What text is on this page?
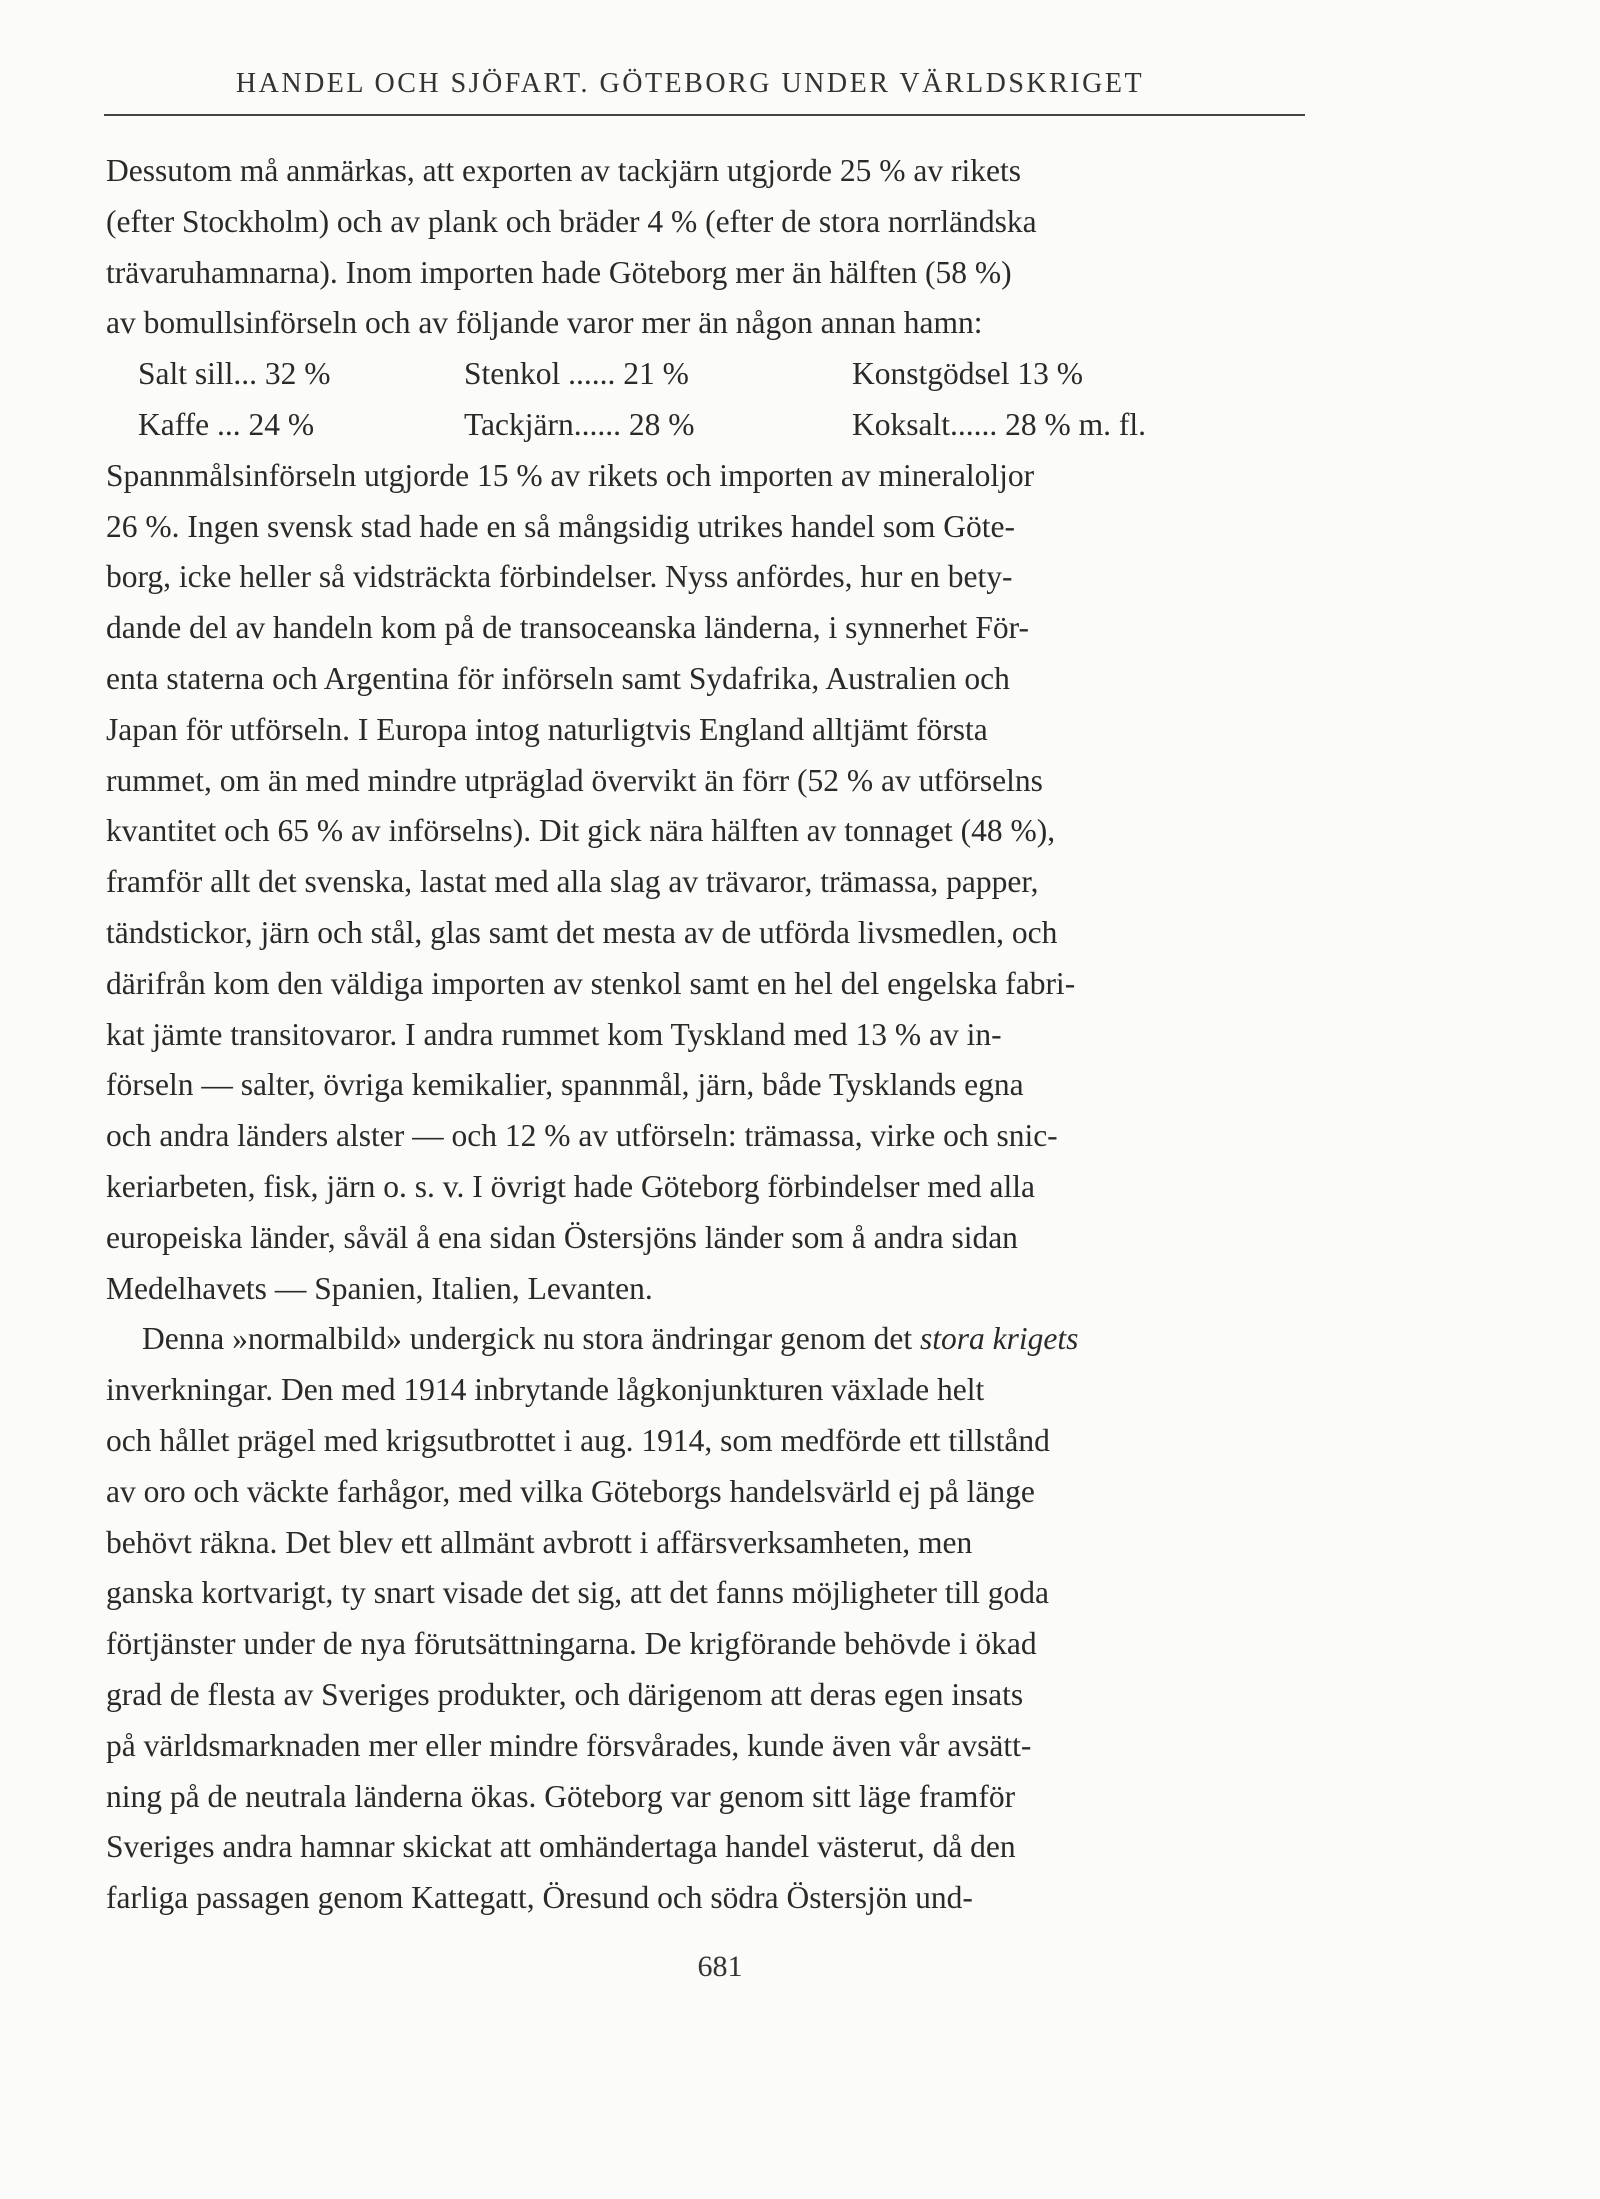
HANDEL OCH SJÖFART. GÖTEBORG UNDER VÄRLDSKRIGET

Dessutom må anmärkas, att exporten av tackjärn utgjorde 25 % av rikets
(efter Stockholm) och av plank och bräder 4 % (efter de stora norrländska
trävaruhamnarna). Inom importen hade Göteborg mer än hälften (58 %)
av bomullsinförseln och av följande varor mer än någon annan hamn:

Salt sill... 32 %	Stenkol ...... 21 %	Konstgödsel 13 %
Kaffe ... 24 %	Tackjärn...... 28 %	Koksalt...... 28 % m. fl.

Spannmålsinförseln utgjorde 15 % av rikets och importen av mineraloljor
26 %. Ingen svensk stad hade en så mångsidig utrikes handel som Göte-
borg, icke heller så vidsträckta förbindelser. Nyss anfördes, hur en bety-
dande del av handeln kom på de transoceanska länderna, i synnerhet För-
enta staterna och Argentina för införseln samt Sydafrika, Australien och
Japan för utförseln. I Europa intog naturligtvis England alltjämt första
rummet, om än med mindre utpräglad övervikt än förr (52 % av utförselns
kvantitet och 65 % av införselns). Dit gick nära hälften av tonnaget (48 %),
framför allt det svenska, lastat med alla slag av trävaror, trämassa, papper,
tändstickor, järn och stål, glas samt det mesta av de utförda livsmedlen, och
därifrån kom den väldiga importen av stenkol samt en hel del engelska fabri-
kat jämte transitovaror. I andra rummet kom Tyskland med 13 % av in-
förseln — salter, övriga kemikalier, spannmål, järn, både Tysklands egna
och andra länders alster — och 12 % av utförseln: trämassa, virke och snic-
keriarbeten, fisk, järn o. s. v. I övrigt hade Göteborg förbindelser med alla
europeiska länder, såväl å ena sidan Östersjöns länder som å andra sidan
Medelhavets — Spanien, Italien, Levanten.

Denna »normalbild» undergick nu stora ändringar genom det stora krigets
inverkningar. Den med 1914 inbrytande lågkonjunkturen växlade helt
och hållet prägel med krigsutbrottet i aug. 1914, som medförde ett tillstånd
av oro och väckte farhågor, med vilka Göteborgs handelsvärld ej på länge
behövt räkna. Det blev ett allmänt avbrott i affärsverksamheten, men
ganska kortvarigt, ty snart visade det sig, att det fanns möjligheter till goda
förtjänster under de nya förutsättningarna. De krigförande behövde i ökad
grad de flesta av Sveriges produkter, och därigenom att deras egen insats
på världsmarknaden mer eller mindre försvårades, kunde även vår avsätt-
ning på de neutrala länderna ökas. Göteborg var genom sitt läge framför
Sveriges andra hamnar skickat att omhändertaga handel västerut, då den
farliga passagen genom Kattegatt, Öresund och södra Östersjön und-

681
